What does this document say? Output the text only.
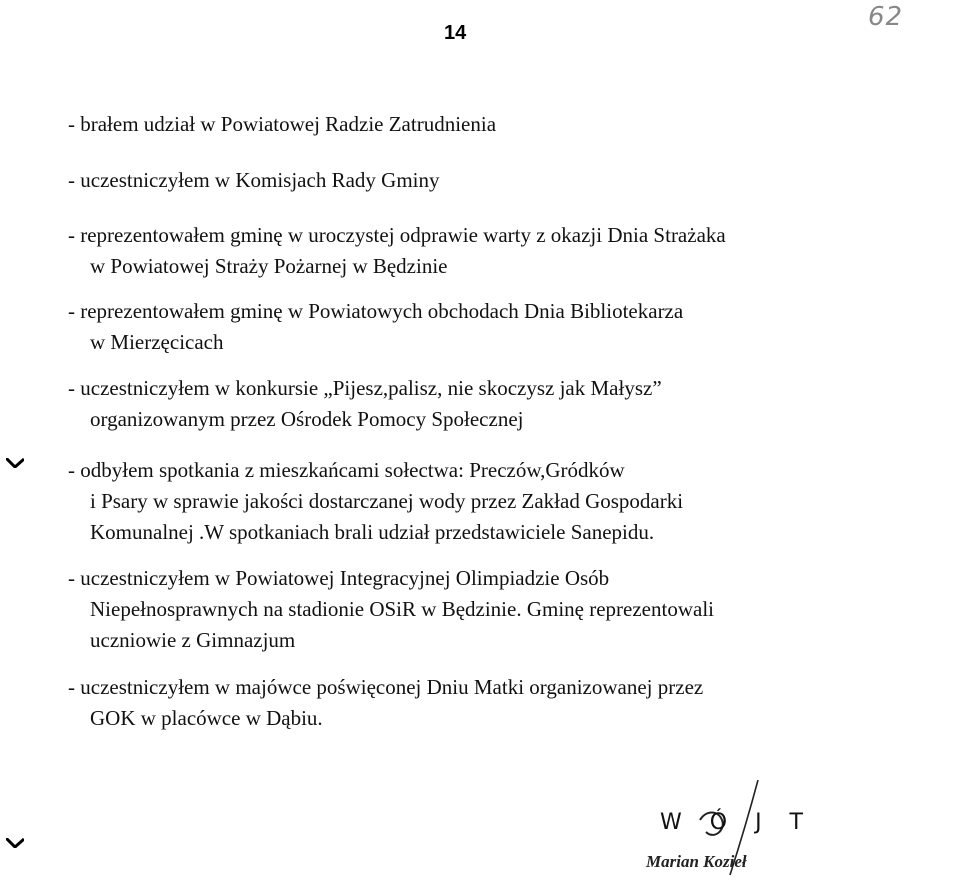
14
62
- brałem udział w Powiatowej Radzie Zatrudnienia
- uczestniczyłem w Komisjach Rady Gminy
- reprezentowałem gminę w uroczystej odprawie warty z okazji Dnia Strażaka
w Powiatowej Straży Pożarnej w Będzinie
- reprezentowałem gminę w Powiatowych obchodach Dnia Bibliotekarza
w Mierzęcicach
- uczestniczyłem w konkursie „Pijesz,palisz, nie skoczysz jak Małysz”
organizowanym przez Ośrodek Pomocy Społecznej
- odbyłem spotkania z mieszkańcami sołectwa: Preczów,Gródków
i Psary w sprawie jakości dostarczanej wody przez Zakład Gospodarki
Komunalnej .W spotkaniach brali udział przedstawiciele Sanepidu.
- uczestniczyłem w Powiatowej Integracyjnej Olimpiadzie Osób
Niepełnosprawnych na stadionie OSiR w Będzinie. Gminę reprezentowali
uczniowie z Gimnazjum
- uczestniczyłem w majówce poświęconej Dniu Matki organizowanej przez
GOK w placówce w Dąbiu.
WÓJT
Marian Kozieł
